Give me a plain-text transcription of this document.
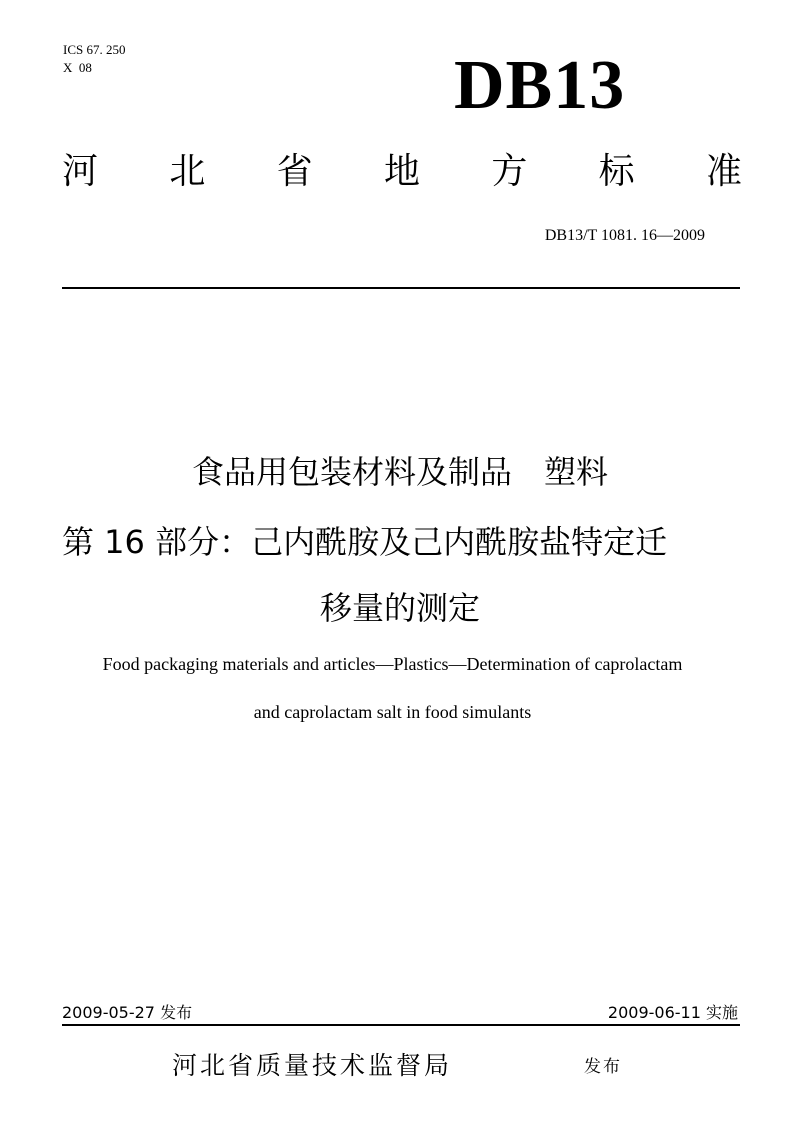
ICS 67. 250
X  08	DB13
河 北 省 地 方 标 准
DB13/T 1081. 16—2009
食品用包装材料及制品　塑料
第 16 部分：己内酰胺及己内酰胺盐特定迁
移量的测定
Food packaging materials and articles—Plastics—Determination of caprolactam
and caprolactam salt in food simulants
2009-05-27 发布	2009-06-11 实施
河北省质量技术监督局	发布
